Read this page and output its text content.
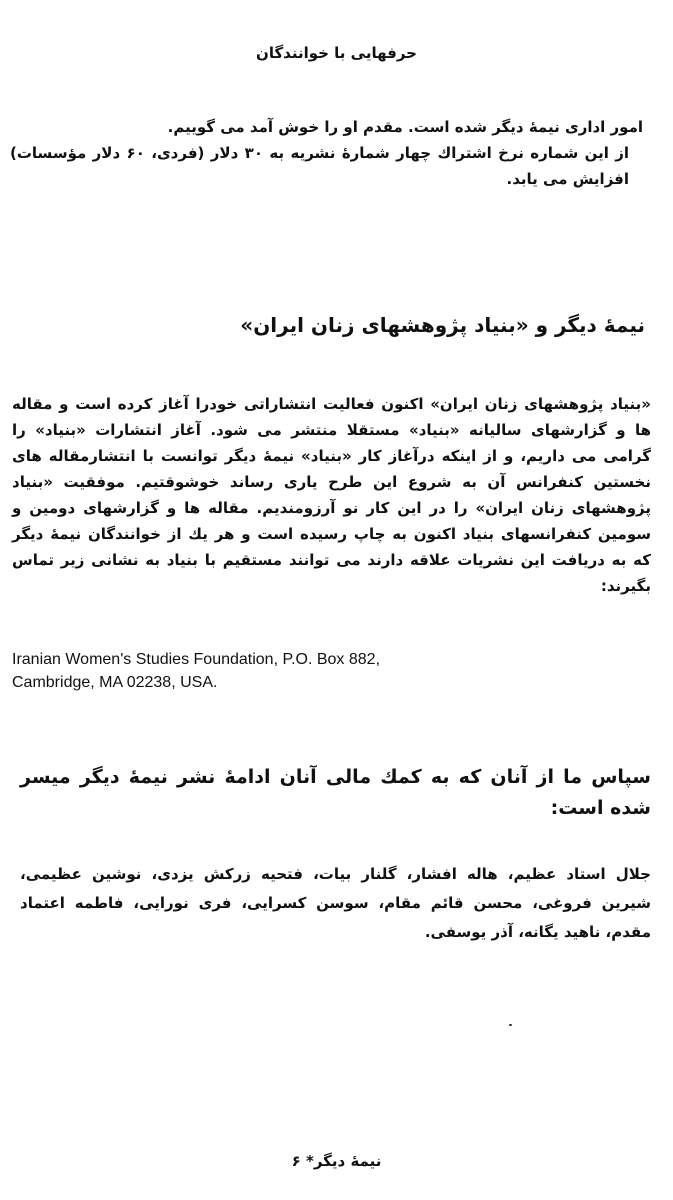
حرفهایی با خوانندگان
امور اداری نیمهٔ دیگر شده است. مقدم او را خوش آمد می گوییم.
از این شماره نرخ اشتراك چهار شمارهٔ نشریه به ۳۰ دلار (فردی، ۶۰ دلار مؤسسات) افزایش می یابد.
نیمهٔ دیگر و «بنیاد پژوهشهای زنان ایران»
«بنیاد پژوهشهای زنان ایران» اکنون فعالیت انتشاراتی خودرا آغاز کرده است و مقاله ها و گزارشهای سالیانه «بنیاد» مستقلا منتشر می شود. آغاز انتشارات «بنیاد» را گرامی می داریم، و از اینکه درآغاز کار «بنیاد» نیمهٔ دیگر توانست با انتشارمقاله های نخستین کنفرانس آن به شروع این طرح یاری رساند خوشوقتیم. موفقیت «بنیاد پژوهشهای زنان ایران» را در این کار نو آرزومندیم. مقاله ها و گزارشهای دومین و سومین کنفرانسهای بنیاد اکنون به چاپ رسیده است و هر یك از خوانندگان نیمهٔ دیگر که به دریافت این نشریات علاقه دارند می توانند مستقیم با بنیاد به نشانی زیر تماس بگیرند:
Iranian Women's Studies Foundation, P.O. Box 882,
Cambridge, MA 02238, USA.
سپاس ما از آنان که به کمك مالی آنان ادامهٔ نشر نیمهٔ دیگر میسر شده است:
جلال استاد عظیم، هاله افشار، گلنار بیات، فتحیه زرکش یزدی، نوشین عظیمی، شیرین فروغی، محسن قائم مقام، سوسن کسرایی، فری نورایی، فاطمه اعتماد مقدم، ناهید یگانه، آذر یوسفی.
نیمهٔ دیگر* ۶
